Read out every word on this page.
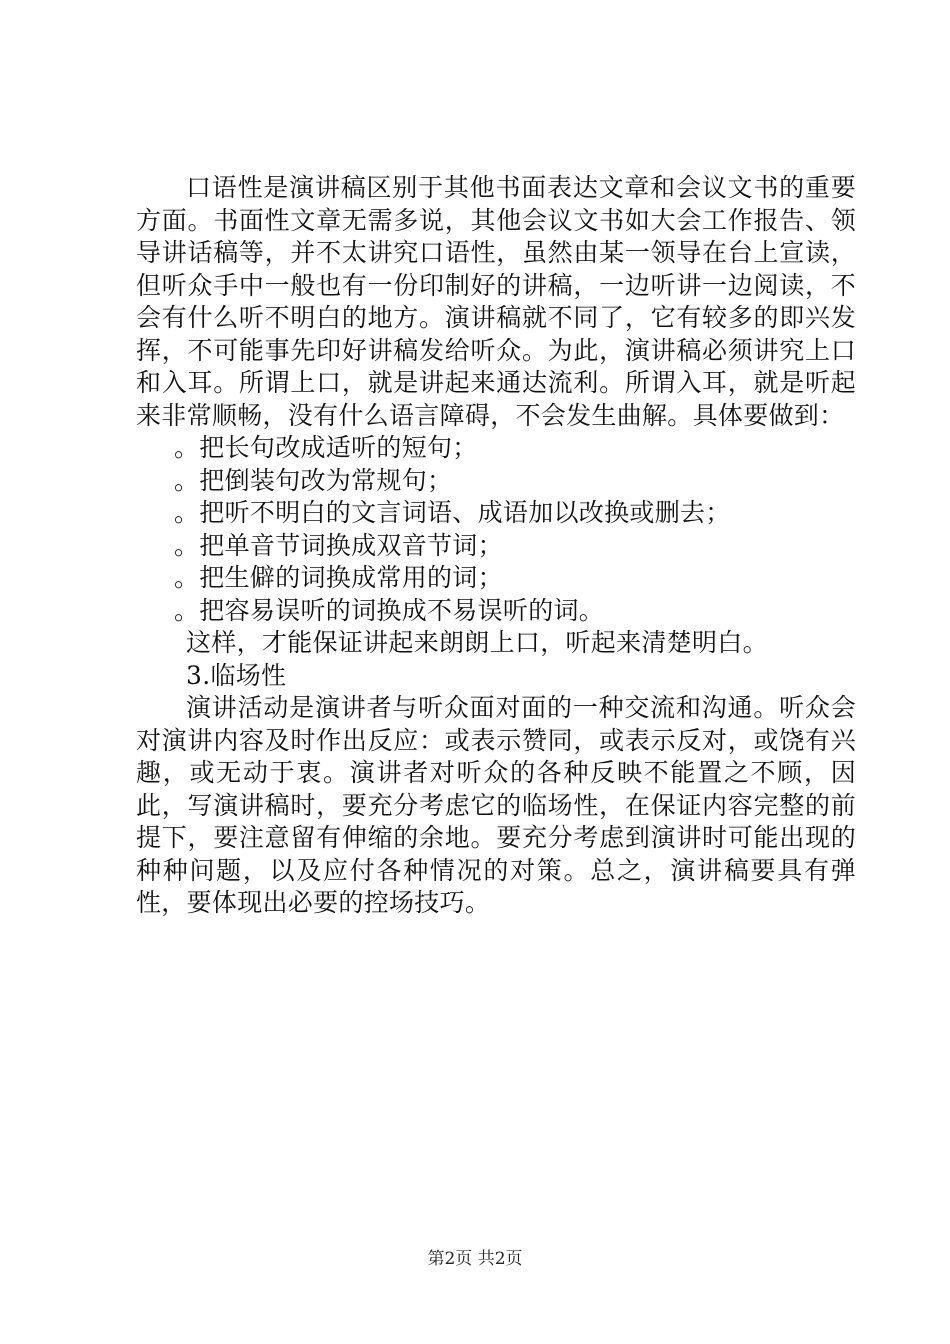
口语性是演讲稿区别于其他书面表达文章和会议文书的重要方面。书面性文章无需多说，其他会议文书如大会工作报告、领导讲话稿等，并不太讲究口语性，虽然由某一领导在台上宣读，但听众手中一般也有一份印制好的讲稿，一边听讲一边阅读，不会有什么听不明白的地方。演讲稿就不同了，它有较多的即兴发挥，不可能事先印好讲稿发给听众。为此，演讲稿必须讲究上口和入耳。所谓上口，就是讲起来通达流利。所谓入耳，就是听起来非常顺畅，没有什么语言障碍，不会发生曲解。具体要做到：

。把长句改成适听的短句；

。把倒装句改为常规句；

。把听不明白的文言词语、成语加以改换或删去；

。把单音节词换成双音节词；

。把生僻的词换成常用的词；

。把容易误听的词换成不易误听的词。

这样，才能保证讲起来朗朗上口，听起来清楚明白。

3.临场性

演讲活动是演讲者与听众面对面的一种交流和沟通。听众会对演讲内容及时作出反应：或表示赞同，或表示反对，或饶有兴趣，或无动于衷。演讲者对听众的各种反映不能置之不顾，因此，写演讲稿时，要充分考虑它的临场性，在保证内容完整的前提下，要注意留有伸缩的余地。要充分考虑到演讲时可能出现的种种问题，以及应付各种情况的对策。总之，演讲稿要具有弹性，要体现出必要的控场技巧。

第2页 共2页
